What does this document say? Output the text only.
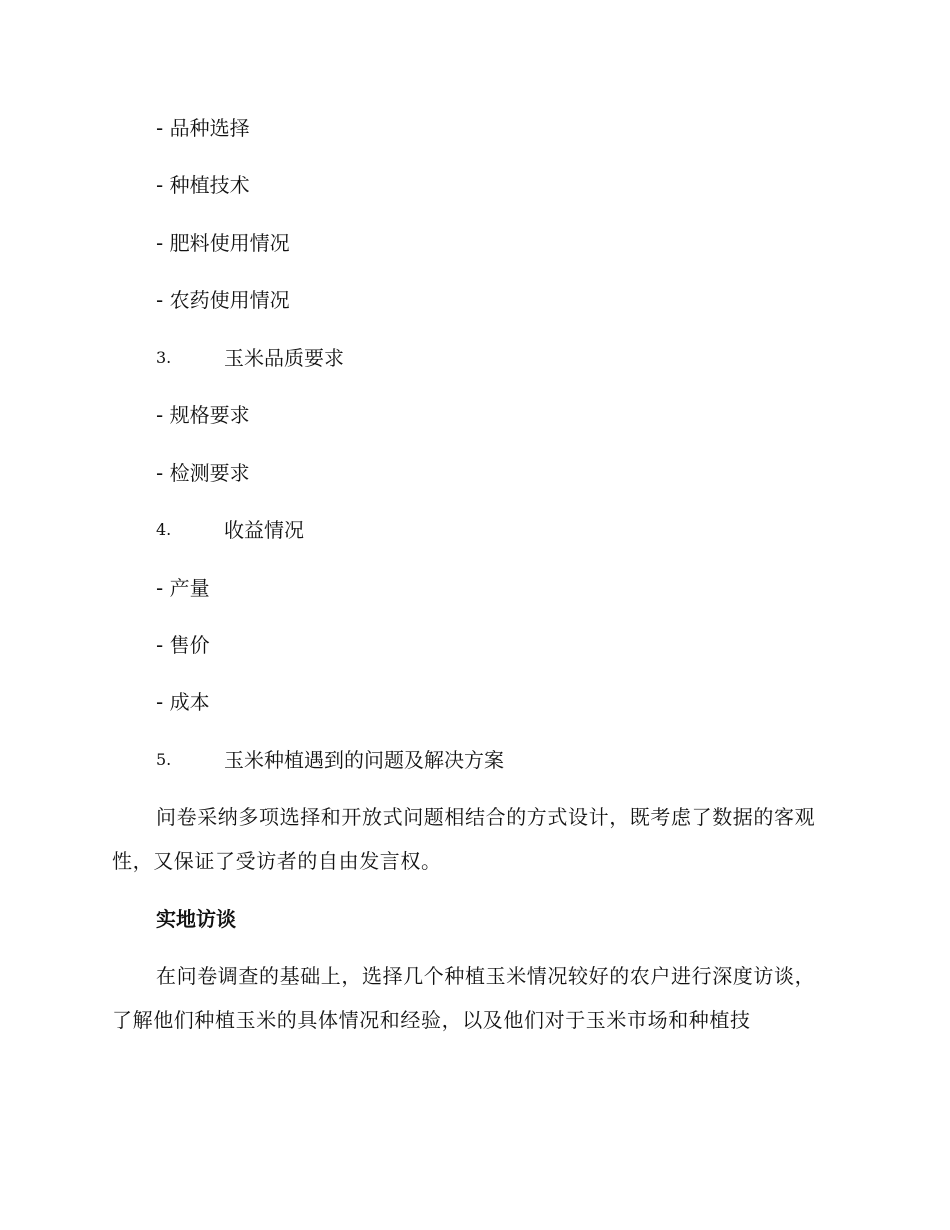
- 品种选择
- 种植技术
- 肥料使用情况
- 农药使用情况
3.	玉米品质要求
- 规格要求
- 检测要求
4.	收益情况
- 产量
- 售价
- 成本
5.	玉米种植遇到的问题及解决方案
问卷采纳多项选择和开放式问题相结合的方式设计，既考虑了数据的客观性，又保证了受访者的自由发言权。
实地访谈
在问卷调查的基础上，选择几个种植玉米情况较好的农户进行深度访谈，了解他们种植玉米的具体情况和经验，以及他们对于玉米市场和种植技
